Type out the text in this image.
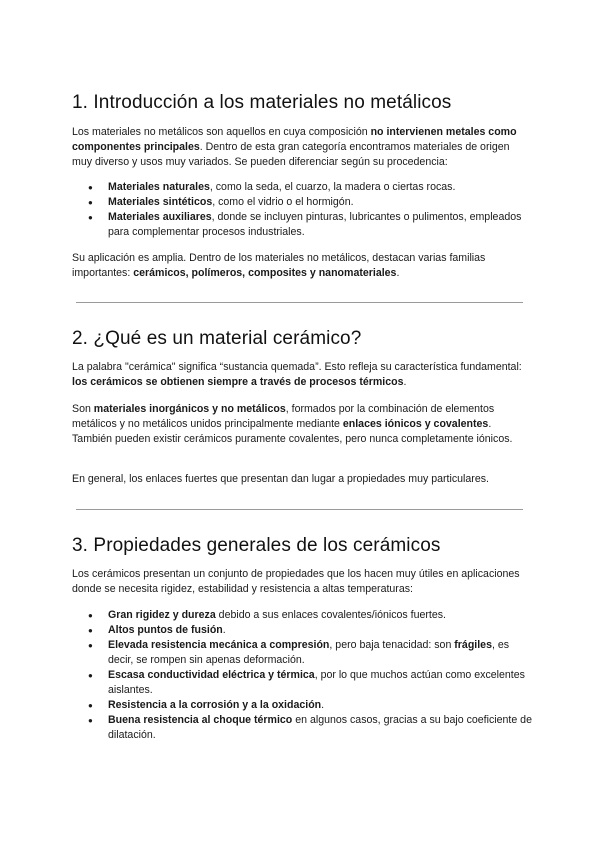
1. Introducción a los materiales no metálicos

Los materiales no metálicos son aquellos en cuya composición no intervienen metales como componentes principales. Dentro de esta gran categoría encontramos materiales de origen muy diverso y usos muy variados. Se pueden diferenciar según su procedencia:

● Materiales naturales, como la seda, el cuarzo, la madera o ciertas rocas.
● Materiales sintéticos, como el vidrio o el hormigón.
● Materiales auxiliares, donde se incluyen pinturas, lubricantes o pulimentos, empleados para complementar procesos industriales.

Su aplicación es amplia. Dentro de los materiales no metálicos, destacan varias familias importantes: cerámicos, polímeros, composites y nanomateriales.

2. ¿Qué es un material cerámico?

La palabra "cerámica" significa “sustancia quemada”. Esto refleja su característica fundamental: los cerámicos se obtienen siempre a través de procesos térmicos.

Son materiales inorgánicos y no metálicos, formados por la combinación de elementos metálicos y no metálicos unidos principalmente mediante enlaces iónicos y covalentes. También pueden existir cerámicos puramente covalentes, pero nunca completamente iónicos.

En general, los enlaces fuertes que presentan dan lugar a propiedades muy particulares.

3. Propiedades generales de los cerámicos

Los cerámicos presentan un conjunto de propiedades que los hacen muy útiles en aplicaciones donde se necesita rigidez, estabilidad y resistencia a altas temperaturas:

● Gran rigidez y dureza debido a sus enlaces covalentes/iónicos fuertes.
● Altos puntos de fusión.
● Elevada resistencia mecánica a compresión, pero baja tenacidad: son frágiles, es decir, se rompen sin apenas deformación.
● Escasa conductividad eléctrica y térmica, por lo que muchos actúan como excelentes aislantes.
● Resistencia a la corrosión y a la oxidación.
● Buena resistencia al choque térmico en algunos casos, gracias a su bajo coeficiente de dilatación.
